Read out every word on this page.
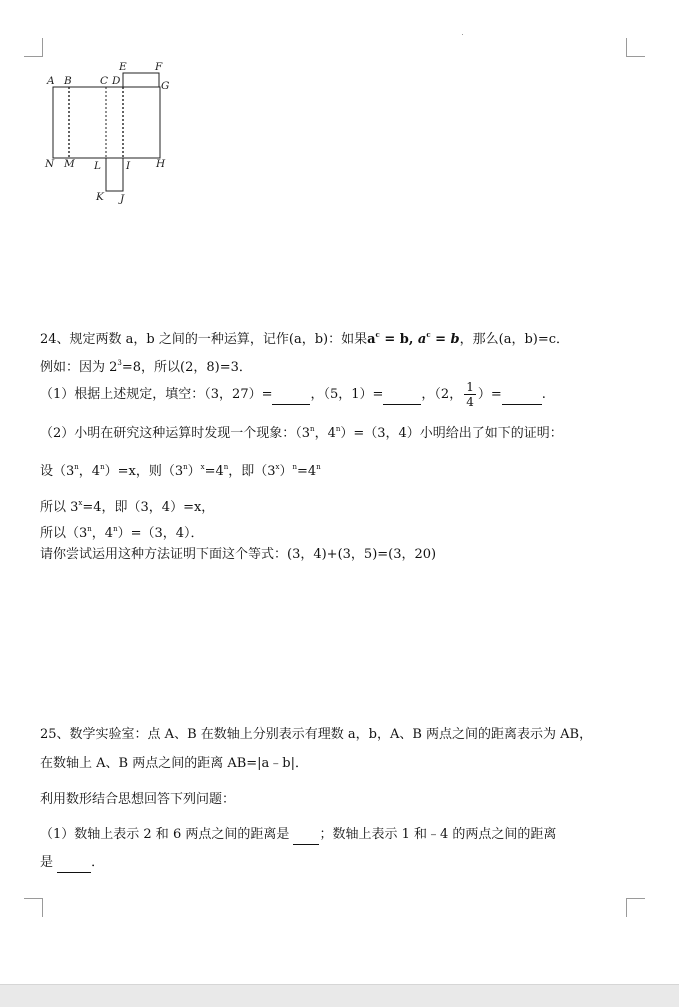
A B	C D
E	F
G
N M L I H
K J
24、规定两数 a，b 之间的一种运算，记作(a，b)：如果$a^c = b$, $a^c = b$，那么(a，b)=c．
例如：因为 $2^3=8$，所以(2，8)=3．
（1）根据上述规定，填空：（3，27）=	，（5，1）=	，（2， $\frac{1}{4}$ ）=	.
（2）小明在研究这种运算时发现一个现象：（3$^n$，$4^n)=(3$，4）小明给出了如下的证明：
设（3$^n$，$4^n)=x$，则$(3^n)^x=4^n$，即$(3^x)^n=4^n$
所以 $3^x=4$，即（3，4）=x，
所以（3$^n$，$4^n)=(3$，4）．
请你尝试运用这种方法证明下面这个等式：(3，4)+(3，5)=(3，20)
25、数学实验室：点 A、B 在数轴上分别表示有理数 a，b，A、B 两点之间的距离表示为 AB，
在数轴上 A、B 两点之间的距离 AB=|a﹣b|．
利用数形结合思想回答下列问题：
（1）数轴上表示 2 和 6 两点之间的距离是  ；数轴上表示 1 和﹣4 的两点之间的距离
是	．
